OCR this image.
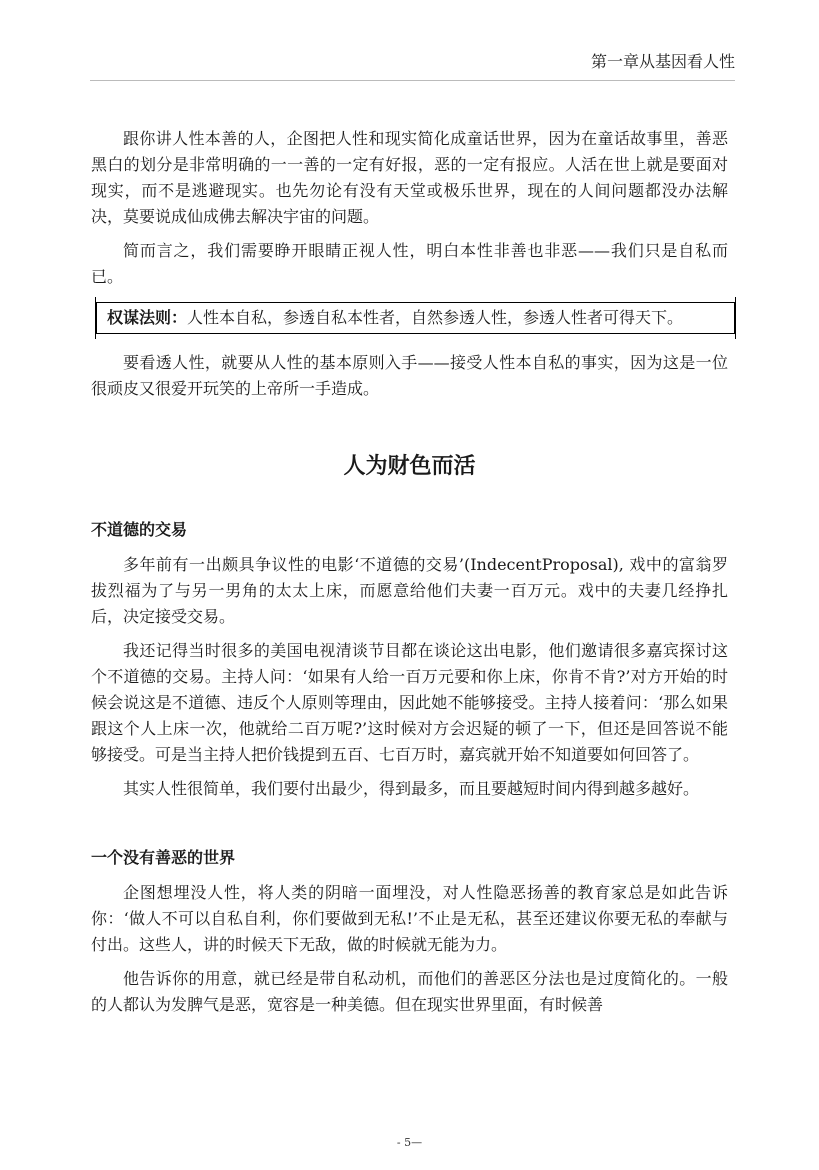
第一章从基因看人性

跟你讲人性本善的人，企图把人性和现实简化成童话世界，因为在童话故事里，善恶黑白的划分是非常明确的一一善的一定有好报，恶的一定有报应。人活在世上就是要面对现实，而不是逃避现实。也先勿论有没有天堂或极乐世界，现在的人间问题都没办法解决，莫要说成仙成佛去解决宇宙的问题。

简而言之，我们需要睁开眼睛正视人性，明白本性非善也非恶——我们只是自私而已。

权谋法则：人性本自私，参透自私本性者，自然参透人性，参透人性者可得天下。

要看透人性，就要从人性的基本原则入手——接受人性本自私的事实，因为这是一位很顽皮又很爱开玩笑的上帝所一手造成。

人为财色而活
不道德的交易

多年前有一出颇具争议性的电影‘不道德的交易’(IndecentProposal), 戏中的富翁罗拔烈福为了与另一男角的太太上床，而愿意给他们夫妻一百万元。戏中的夫妻几经挣扎后，决定接受交易。

我还记得当时很多的美国电视清谈节目都在谈论这出电影，他们邀请很多嘉宾探讨这个不道德的交易。主持人问：‘如果有人给一百万元要和你上床，你肯不肯?’对方开始的时候会说这是不道德、违反个人原则等理由，因此她不能够接受。主持人接着问：‘那么如果跟这个人上床一次，他就给二百万呢?’这时候对方会迟疑的顿了一下，但还是回答说不能够接受。可是当主持人把价钱提到五百、七百万时，嘉宾就开始不知道要如何回答了。

其实人性很简单，我们要付出最少，得到最多，而且要越短时间内得到越多越好。

一个没有善恶的世界

企图想埋没人性，将人类的阴暗一面埋没，对人性隐恶扬善的教育家总是如此告诉你：‘做人不可以自私自利，你们要做到无私!’不止是无私，甚至还建议你要无私的奉献与付出。这些人，讲的时候天下无敌，做的时候就无能为力。

他告诉你的用意，就已经是带自私动机，而他们的善恶区分法也是过度简化的。一般的人都认为发脾气是恶，宽容是一种美德。但在现实世界里面，有时候善

- 5—
